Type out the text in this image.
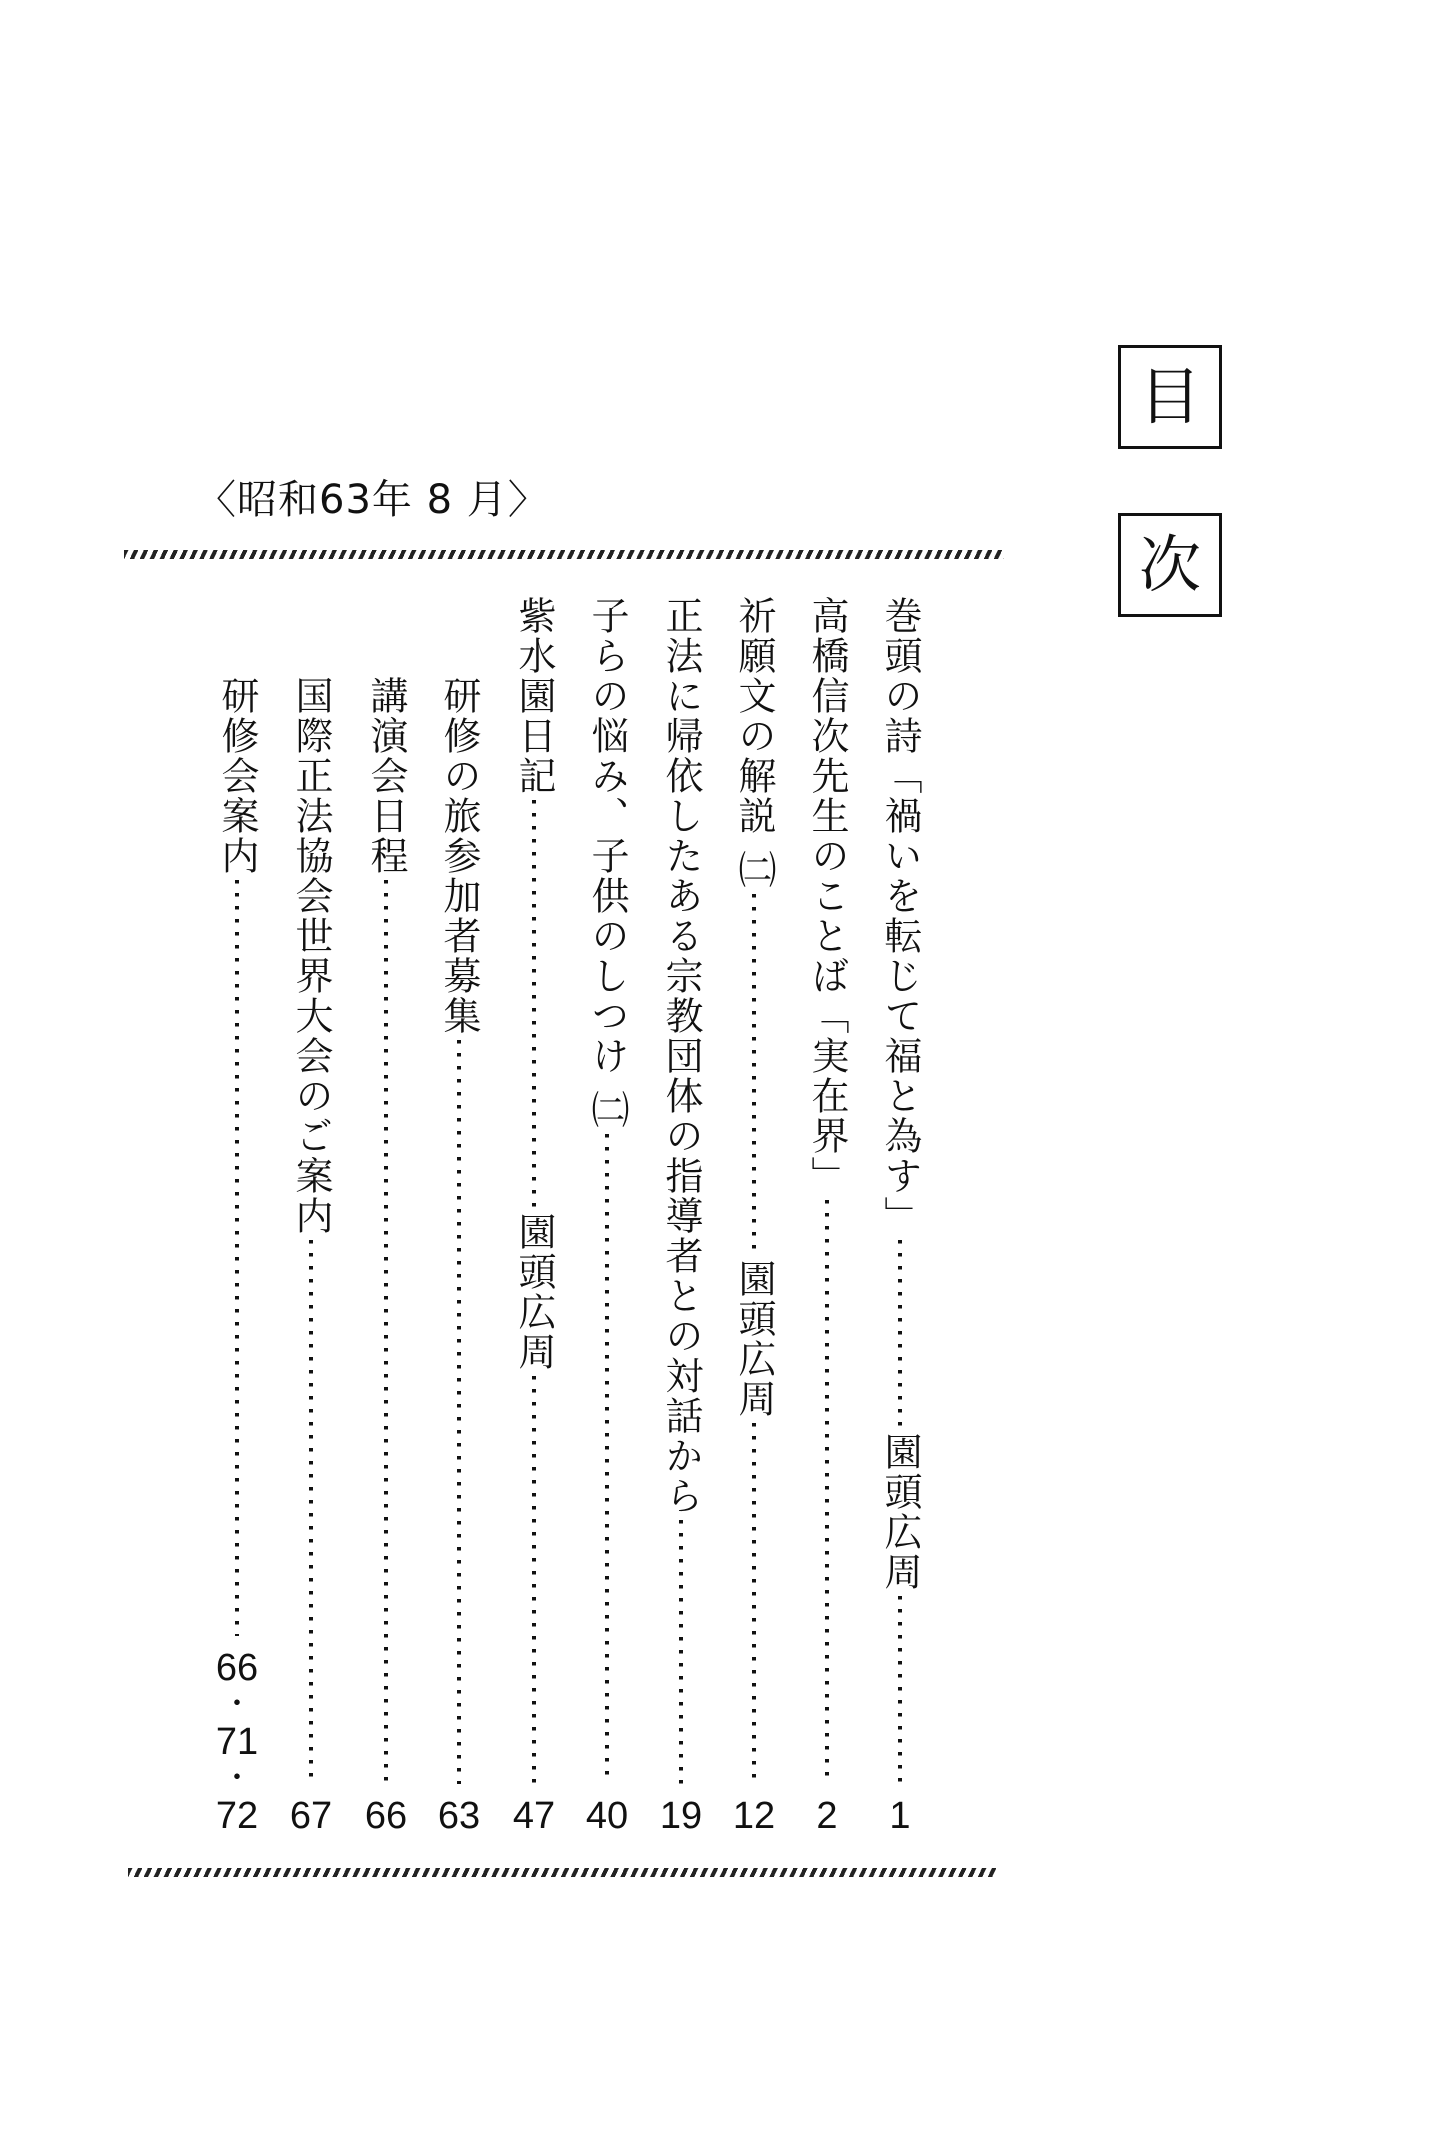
目
次
〈昭和63年 8 月〉
巻頭の詩「禍いを転じて福と為す」
園頭広周
1
高橋信次先生のことば「実在界」
2
祈願文の解説 ㈡
園頭広周
12
正法に帰依したある宗教団体の指導者との対話から
19
子らの悩み、子供のしつけ ㈡
40
紫水園日記
園頭広周
47
研修の旅参加者募集
63
講演会日程
66
国際正法協会世界大会のご案内
67
研修会案内
66
・
71
・
72
